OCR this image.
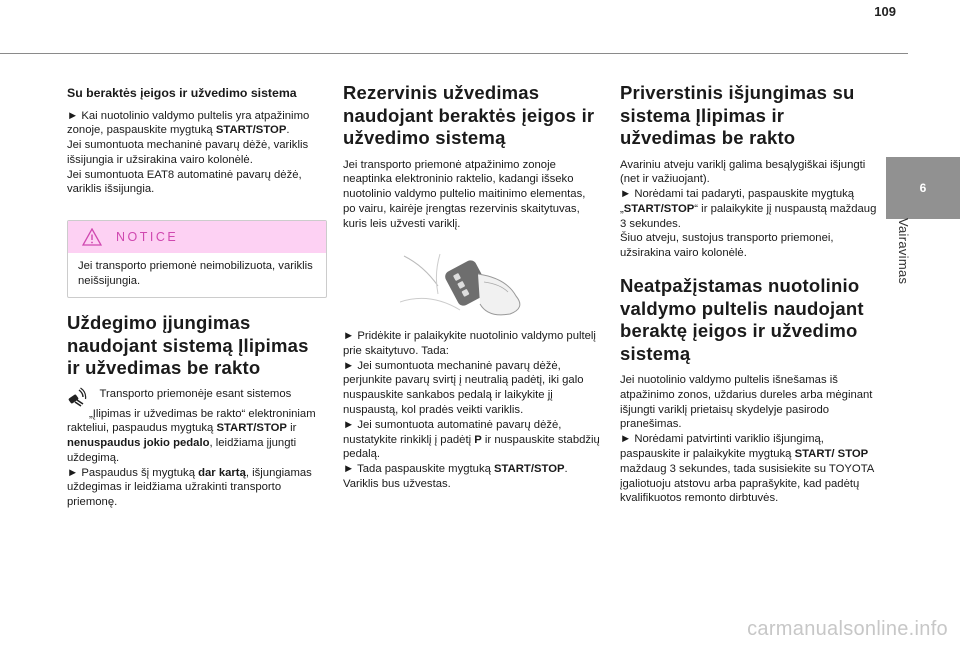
109
6
Vairavimas

Su beraktės įeigos ir užvedimo sistema

► Kai nuotolinio valdymo pultelis yra atpažinimo zonoje, paspauskite mygtuką START/STOP.

Jei sumontuota mechaninė pavarų dėžė, variklis išsijungia ir užsirakina vairo kolonėlė.

Jei sumontuota EAT8 automatinė pavarų dėžė, variklis išsijungia.

NOTICE
Jei transporto priemonė neimobilizuota, variklis neišsijungia.

Uždegimo įjungimas naudojant sistemą Įlipimas ir užvedimas be rakto

Transporto priemonėje esant sistemos
„Įlipimas ir užvedimas be rakto“ elektroniniam rakteliui, paspaudus mygtuką START/STOP ir nenuspaudus jokio pedalo, leidžiama įjungti uždegimą.

► Paspaudus šį mygtuką dar kartą, išjungiamas uždegimas ir leidžiama užrakinti transporto priemonę.

Rezervinis užvedimas naudojant beraktės įeigos ir užvedimo sistemą

Jei transporto priemonė atpažinimo zonoje neaptinka elektroninio raktelio, kadangi išseko nuotolinio valdymo pultelio maitinimo elementas, po vairu, kairėje įrengtas rezervinis skaitytuvas, kuris leis užvesti variklį.

► Pridėkite ir palaikykite nuotolinio valdymo pultelį prie skaitytuvo. Tada:

► Jei sumontuota mechaninė pavarų dėžė, perjunkite pavarų svirtį į neutralią padėtį, iki galo nuspauskite sankabos pedalą ir laikykite jį nuspaustą, kol pradės veikti variklis.

► Jei sumontuota automatinė pavarų dėžė, nustatykite rinkiklį į padėtį P ir nuspauskite stabdžių pedalą.

► Tada paspauskite mygtuką START/STOP.

Variklis bus užvestas.

Priverstinis išjungimas su sistema Įlipimas ir užvedimas be rakto

Avariniu atveju variklį galima besąlygiškai išjungti (net ir važiuojant).

► Norėdami tai padaryti, paspauskite mygtuką „START/STOP“ ir palaikykite jį nuspaustą maždaug 3 sekundes.

Šiuo atveju, sustojus transporto priemonei, užsirakina vairo kolonėlė.

Neatpažįstamas nuotolinio valdymo pultelis naudojant beraktę įeigos ir užvedimo sistemą

Jei nuotolinio valdymo pultelis išnešamas iš atpažinimo zonos, uždarius dureles arba mėginant išjungti variklį prietaisų skydelyje pasirodo pranešimas.

► Norėdami patvirtinti variklio išjungimą, paspauskite ir palaikykite mygtuką START/ STOP maždaug 3 sekundes, tada susisiekite su TOYOTA įgaliotuoju atstovu arba paprašykite, kad padėtų kvalifikuotos remonto dirbtuvės.

carmanualsonline.info
